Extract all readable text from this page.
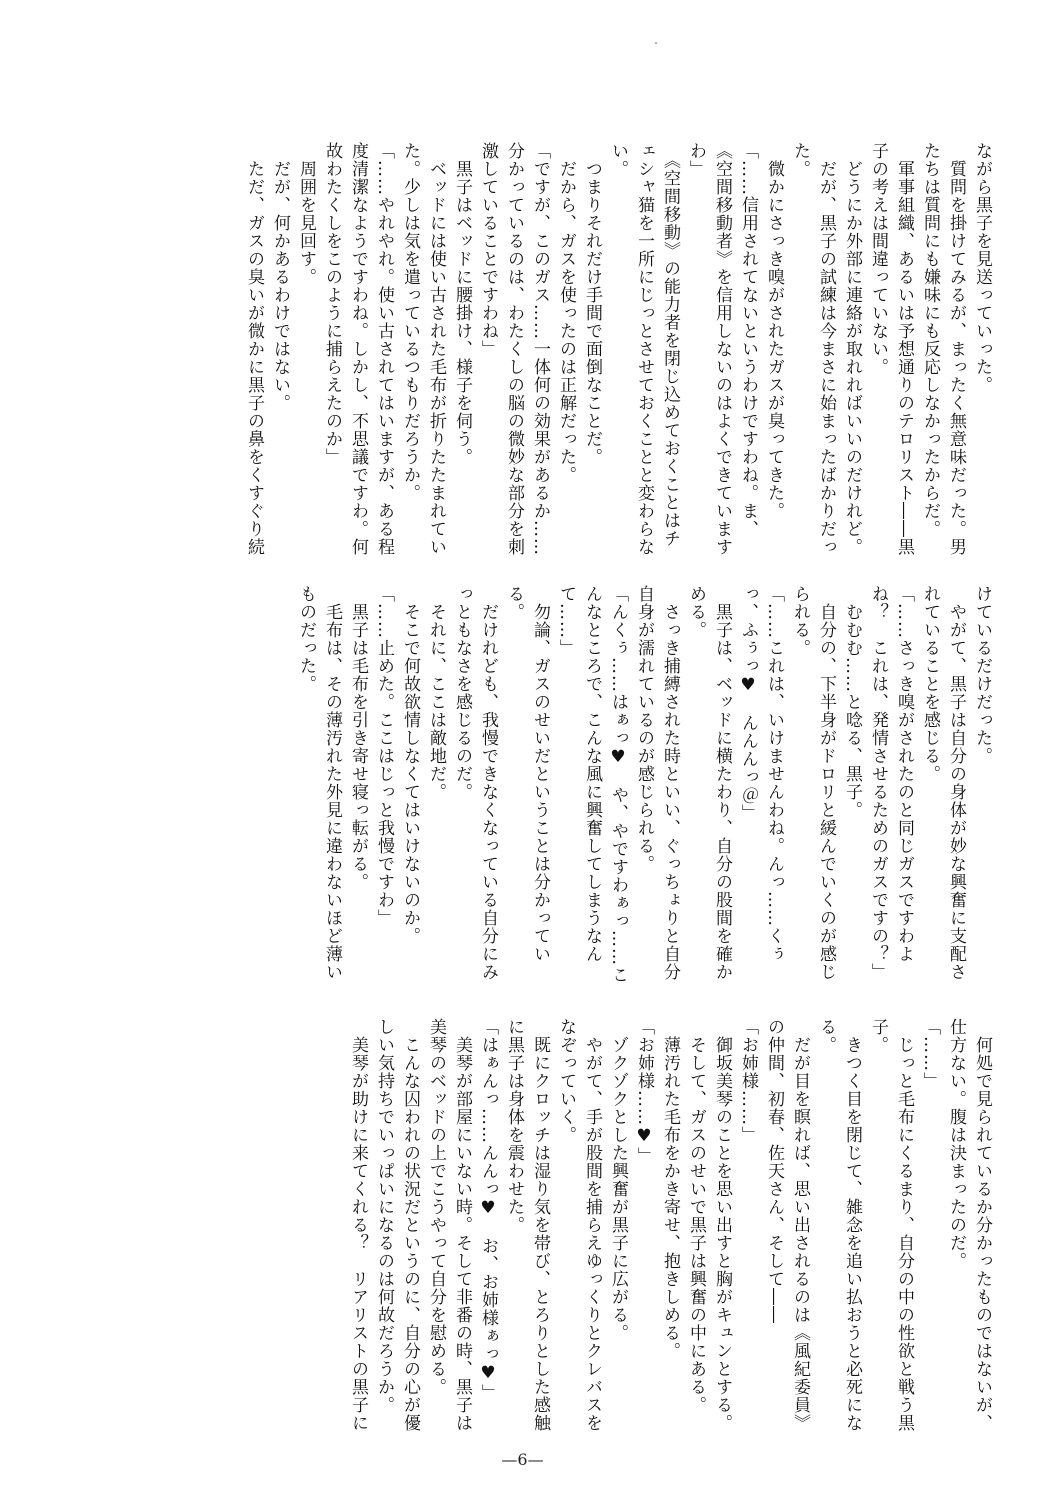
ながら黒子を見送っていった。

　質問を掛けてみるが、まったく無意味だった。男たちは質問にも嫌味にも反応しなかったからだ。

　軍事組織、あるいは予想通りのテロリスト――黒子の考えは間違っていない。

　どうにか外部に連絡が取れればいいのだけれど。

　だが、黒子の試練は今まさに始まったばかりだった。

　微かにさっき嗅がされたガスが臭ってきた。

「……信用されてないというわけですわね。ま、《空間移動者》を信用しないのはよくできていますわ」

　《空間移動》の能力者を閉じ込めておくことはチェシャ猫を一所にじっとさせておくことと変わらない。

　つまりそれだけ手間で面倒なことだ。

　だから、ガスを使ったのは正解だった。

「ですが、このガス……一体何の効果があるか……分かっているのは、わたくしの脳の微妙な部分を刺激していることですわね」

　黒子はベッドに腰掛け、様子を伺う。

　ベッドには使い古された毛布が折りたたまれていた。少しは気を遣っているつもりだろうか。

「……やれやれ。使い古されてはいますが、ある程度清潔なようですわね。しかし、不思議ですわ。何故わたくしをこのように捕らえたのか」

　周囲を見回す。

　だが、何かあるわけではない。

　ただ、ガスの臭いが微かに黒子の鼻をくすぐり続

けているだけだった。

　やがて、黒子は自分の身体が妙な興奮に支配されていることを感じる。

「……さっき嗅がされたのと同じガスですわよね？　これは、発情させるためのガスですの？」

　むむむ……と唸る、黒子。

　自分の、下半身がドロリと緩んでいくのが感じられる。

「……これは、いけませんわね。んっ……くぅっ、ふぅっ♥　んんんっ＠」

　黒子は、ベッドに横たわり、自分の股間を確かめる。

　さっき捕縛された時といい、ぐっちょりと自分自身が濡れているのが感じられる。

「んくぅ……はぁっ♥　や、やですわぁっ……こんなところで、こんな風に興奮してしまうなんて……」

　勿論、ガスのせいだということは分かっている。

　だけれども、我慢できなくなっている自分にみっともなさを感じるのだ。

　それに、ここは敵地だ。

　そこで何故欲情しなくてはいけないのか。

「……止めた。ここはじっと我慢ですわ」

　黒子は毛布を引き寄せ寝っ転がる。

　毛布は、その薄汚れた外見に違わないほど薄いものだった。

　何処で見られているか分かったものではないが、仕方ない。腹は決まったのだ。

「……」

　じっと毛布にくるまり、自分の中の性欲と戦う黒子。

　きつく目を閉じて、雑念を追い払おうと必死になる。

　だが目を瞑れば、思い出されるのは《風紀委員》の仲間、初春、佐天さん、そして――

「お姉様……」

　御坂美琴のことを思い出すと胸がキュンとする。

　そして、ガスのせいで黒子は興奮の中にある。

　薄汚れた毛布をかき寄せ、抱きしめる。

「お姉様……♥」

　ゾクゾクとした興奮が黒子に広がる。

　やがて、手が股間を捕らえゆっくりとクレバスをなぞっていく。

　既にクロッチは湿り気を帯び、とろりとした感触に黒子は身体を震わせた。

「はぁんっ……んんっ♥　お、お姉様ぁっ♥」

　美琴が部屋にいない時。そして非番の時、黒子は美琴のベッドの上でこうやって自分を慰める。

　こんな囚われの状況だというのに、自分の心が優しい気持ちでいっぱいになるのは何故だろうか。

　美琴が助けに来てくれる？　リアリストの黒子に

—6—
